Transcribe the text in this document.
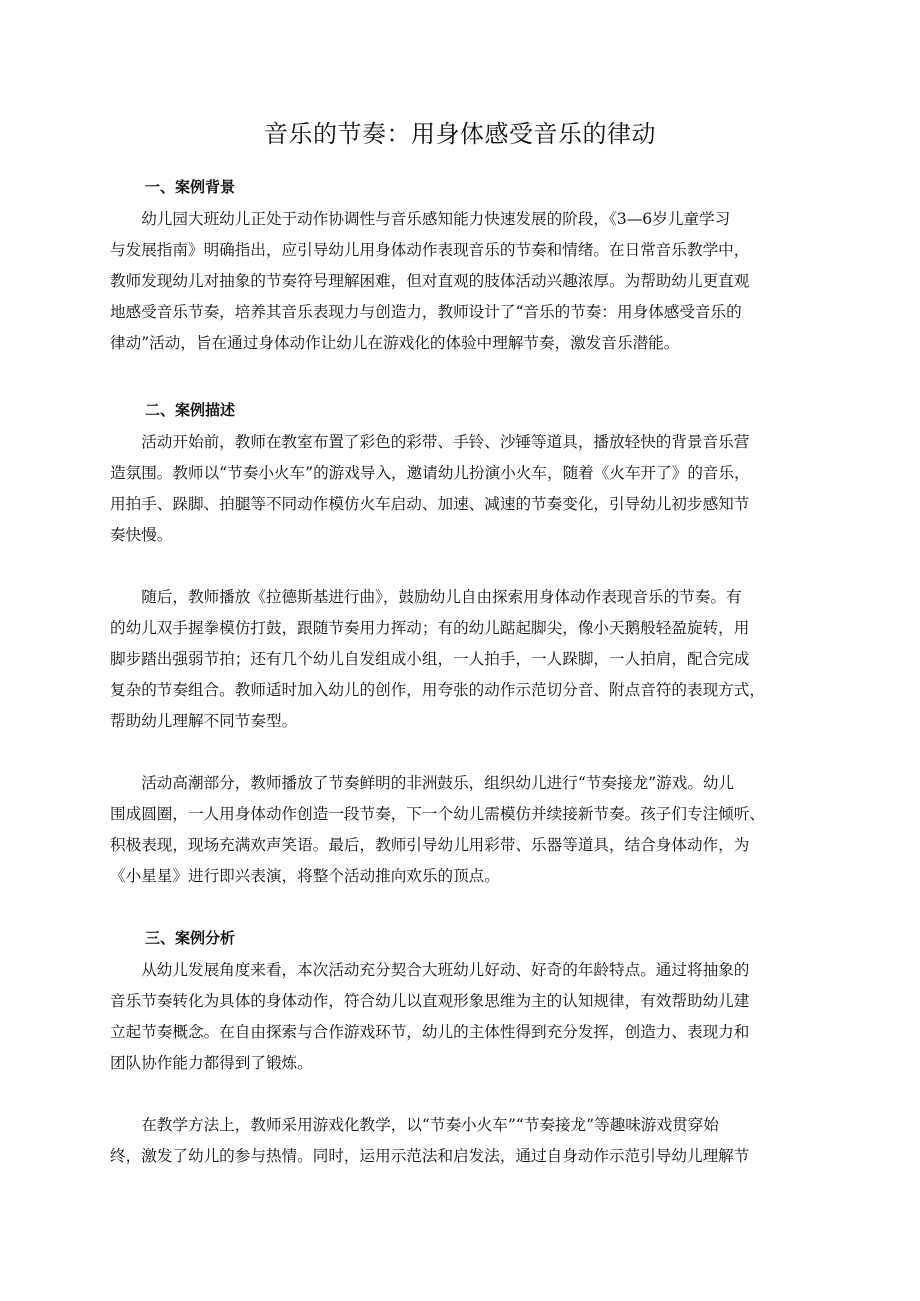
音乐的节奏：用身体感受音乐的律动
一、案例背景

幼儿园大班幼儿正处于动作协调性与音乐感知能力快速发展的阶段，《3—6岁儿童学习
与发展指南》明确指出，应引导幼儿用身体动作表现音乐的节奏和情绪。在日常音乐教学中，
教师发现幼儿对抽象的节奏符号理解困难，但对直观的肢体活动兴趣浓厚。为帮助幼儿更直观
地感受音乐节奏，培养其音乐表现力与创造力，教师设计了“音乐的节奏：用身体感受音乐的
律动”活动，旨在通过身体动作让幼儿在游戏化的体验中理解节奏，激发音乐潜能。

二、案例描述

活动开始前，教师在教室布置了彩色的彩带、手铃、沙锤等道具，播放轻快的背景音乐营
造氛围。教师以“节奏小火车”的游戏导入，邀请幼儿扮演小火车，随着《火车开了》的音乐，
用拍手、跺脚、拍腿等不同动作模仿火车启动、加速、减速的节奏变化，引导幼儿初步感知节
奏快慢。

随后，教师播放《拉德斯基进行曲》，鼓励幼儿自由探索用身体动作表现音乐的节奏。有
的幼儿双手握拳模仿打鼓，跟随节奏用力挥动；有的幼儿踮起脚尖，像小天鹅般轻盈旋转，用
脚步踏出强弱节拍；还有几个幼儿自发组成小组，一人拍手，一人跺脚，一人拍肩，配合完成
复杂的节奏组合。教师适时加入幼儿的创作，用夸张的动作示范切分音、附点音符的表现方式，
帮助幼儿理解不同节奏型。

活动高潮部分，教师播放了节奏鲜明的非洲鼓乐，组织幼儿进行“节奏接龙”游戏。幼儿
围成圆圈，一人用身体动作创造一段节奏，下一个幼儿需模仿并续接新节奏。孩子们专注倾听、
积极表现，现场充满欢声笑语。最后，教师引导幼儿用彩带、乐器等道具，结合身体动作，为
《小星星》进行即兴表演，将整个活动推向欢乐的顶点。

三、案例分析

从幼儿发展角度来看，本次活动充分契合大班幼儿好动、好奇的年龄特点。通过将抽象的
音乐节奏转化为具体的身体动作，符合幼儿以直观形象思维为主的认知规律，有效帮助幼儿建
立起节奏概念。在自由探索与合作游戏环节，幼儿的主体性得到充分发挥，创造力、表现力和
团队协作能力都得到了锻炼。

在教学方法上，教师采用游戏化教学，以“节奏小火车”“节奏接龙”等趣味游戏贯穿始
终，激发了幼儿的参与热情。同时，运用示范法和启发法，通过自身动作示范引导幼儿理解节
